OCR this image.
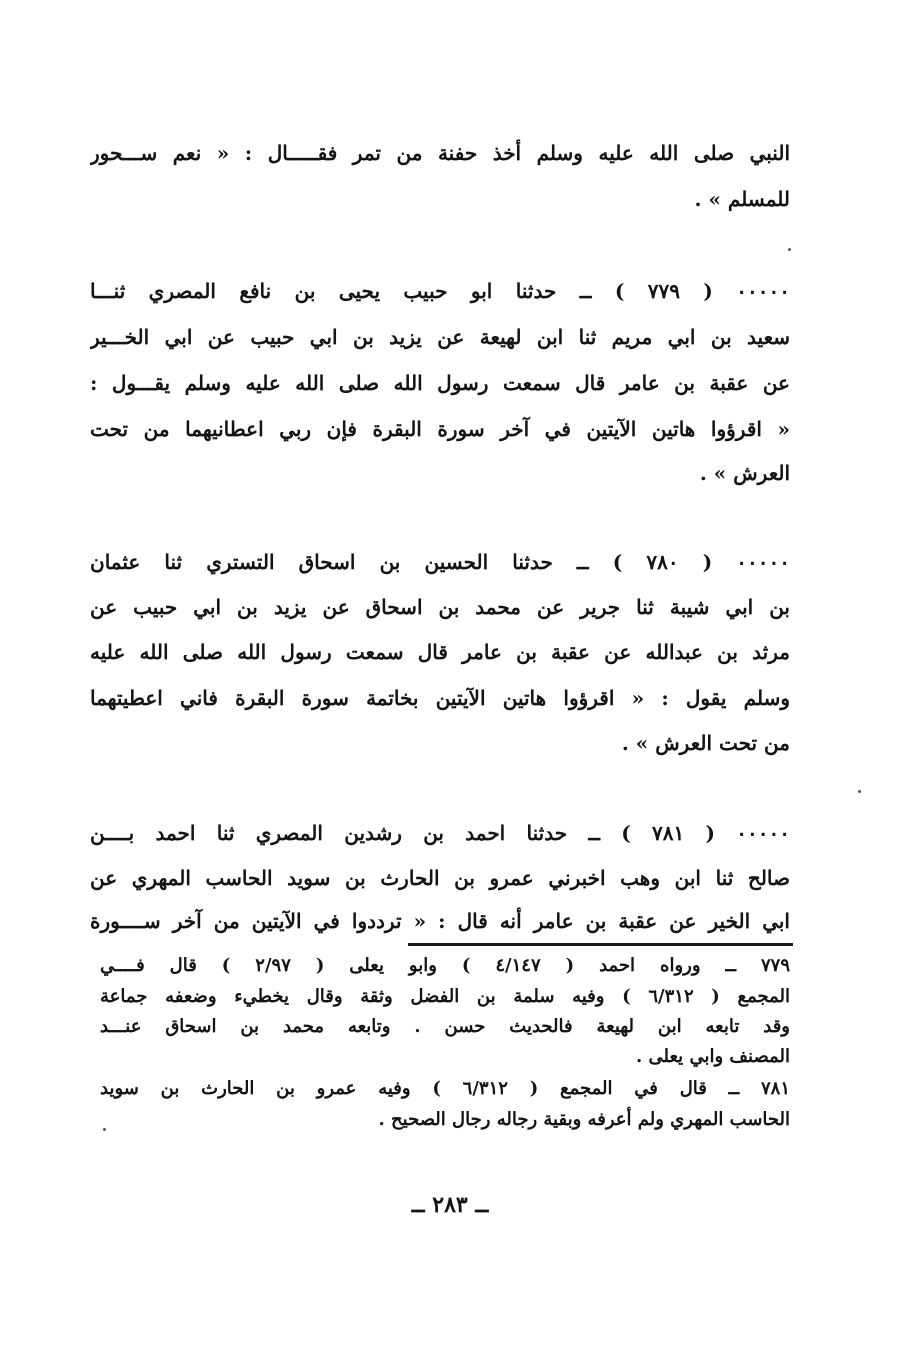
النبي صلى الله عليه وسلم أخذ حفنة من تمر فقـــــال : « نعم ســـحور
للمسلم » .
٠٠٠٠٠ ( ٧٧٩ ) ــ حدثنا ابو حبيب يحيى بن نافع المصري ثنـــا
سعيد بن ابي مريم ثنا ابن لهيعة عن يزيد بن ابي حبيب عن ابي الخـــير
عن عقبة بن عامر قال سمعت رسول الله صلى الله عليه وسلم يقـــول :
« اقرؤوا هاتين الآيتين في آخر سورة البقرة فإن ربي اعطانيهما من تحت
العرش » .
٠٠٠٠٠ ( ٧٨٠ ) ــ حدثنا الحسين بن اسحاق التستري ثنا عثمان
بن ابي شيبة ثنا جرير عن محمد بن اسحاق عن يزيد بن ابي حبيب عن
مرثد بن عبدالله عن عقبة بن عامر قال سمعت رسول الله صلى الله عليه
وسلم يقول : « اقرؤوا هاتين الآيتين بخاتمة سورة البقرة فاني اعطيتهما
من تحت العرش » .
٠٠٠٠٠ ( ٧٨١ ) ــ حدثنا احمد بن رشدين المصري ثنا احمد بــــن
صالح ثنا ابن وهب اخبرني عمرو بن الحارث بن سويد الحاسب المهري عن
ابي الخير عن عقبة بن عامر أنه قال : « ترددوا في الآيتين من آخر ســــورة
٧٧٩ ــ ورواه احمد ( ٤/١٤٧ ) وابو يعلى ( ٢/٩٧ ) قال فــــي
المجمع ( ٦/٣١٢ ) وفيه سلمة بن الفضل وثقة وقال يخطيء وضعفه جماعة
وقد تابعه ابن لهيعة فالحديث حسن . وتابعه محمد بن اسحاق عنـــد
المصنف وابي يعلى .
٧٨١ ــ قال في المجمع ( ٦/٣١٢ ) وفيه عمرو بن الحارث بن سويد
الحاسب المهري ولم أعرفه وبقية رجاله رجال الصحيح .
ــ ٢٨٣ ــ
